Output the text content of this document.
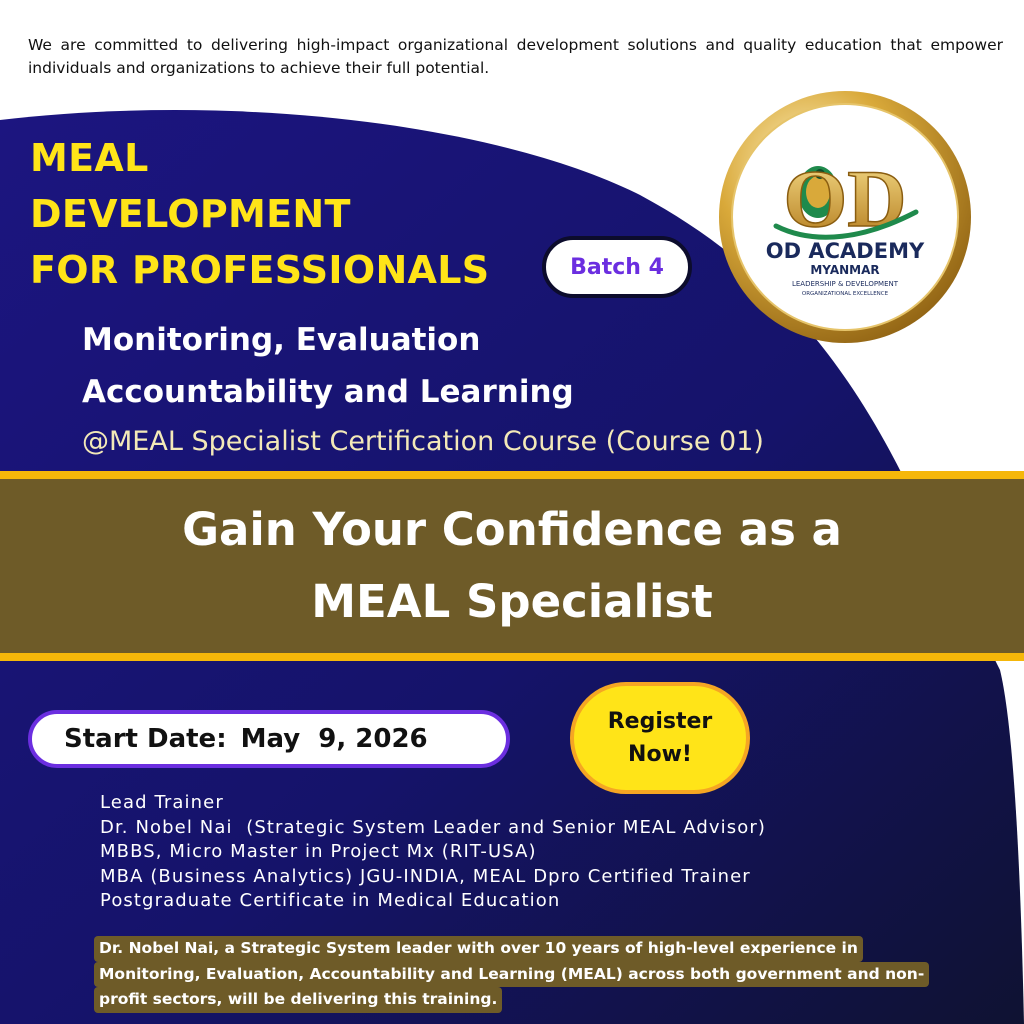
We are committed to delivering high-impact organizational development solutions and quality education that empower individuals and organizations to achieve their full potential.

MEAL
DEVELOPMENT
FOR PROFESSIONALS	Batch 4
Monitoring, Evaluation
Accountability and Learning

@MEAL Specialist Certification Course (Course 01)

OD
OD ACADEMY
MYANMAR
LEADERSHIP & DEVELOPMENT
ORGANIZATIONAL EXCELLENCE
Gain Your Confidence as a
MEAL Specialist
Start Date: May  9, 2026
Register
Now!
Lead Trainer
Dr. Nobel Nai  (Strategic System Leader and Senior MEAL Advisor)
MBBS, Micro Master in Project Mx (RIT-USA)
MBA (Business Analytics) JGU-INDIA, MEAL Dpro Certified Trainer
Postgraduate Certificate in Medical Education
Dr. Nobel Nai, a Strategic System leader with over 10 years of high-level experience in
Monitoring, Evaluation, Accountability and Learning (MEAL) across both government and non-
profit sectors, will be delivering this training.
